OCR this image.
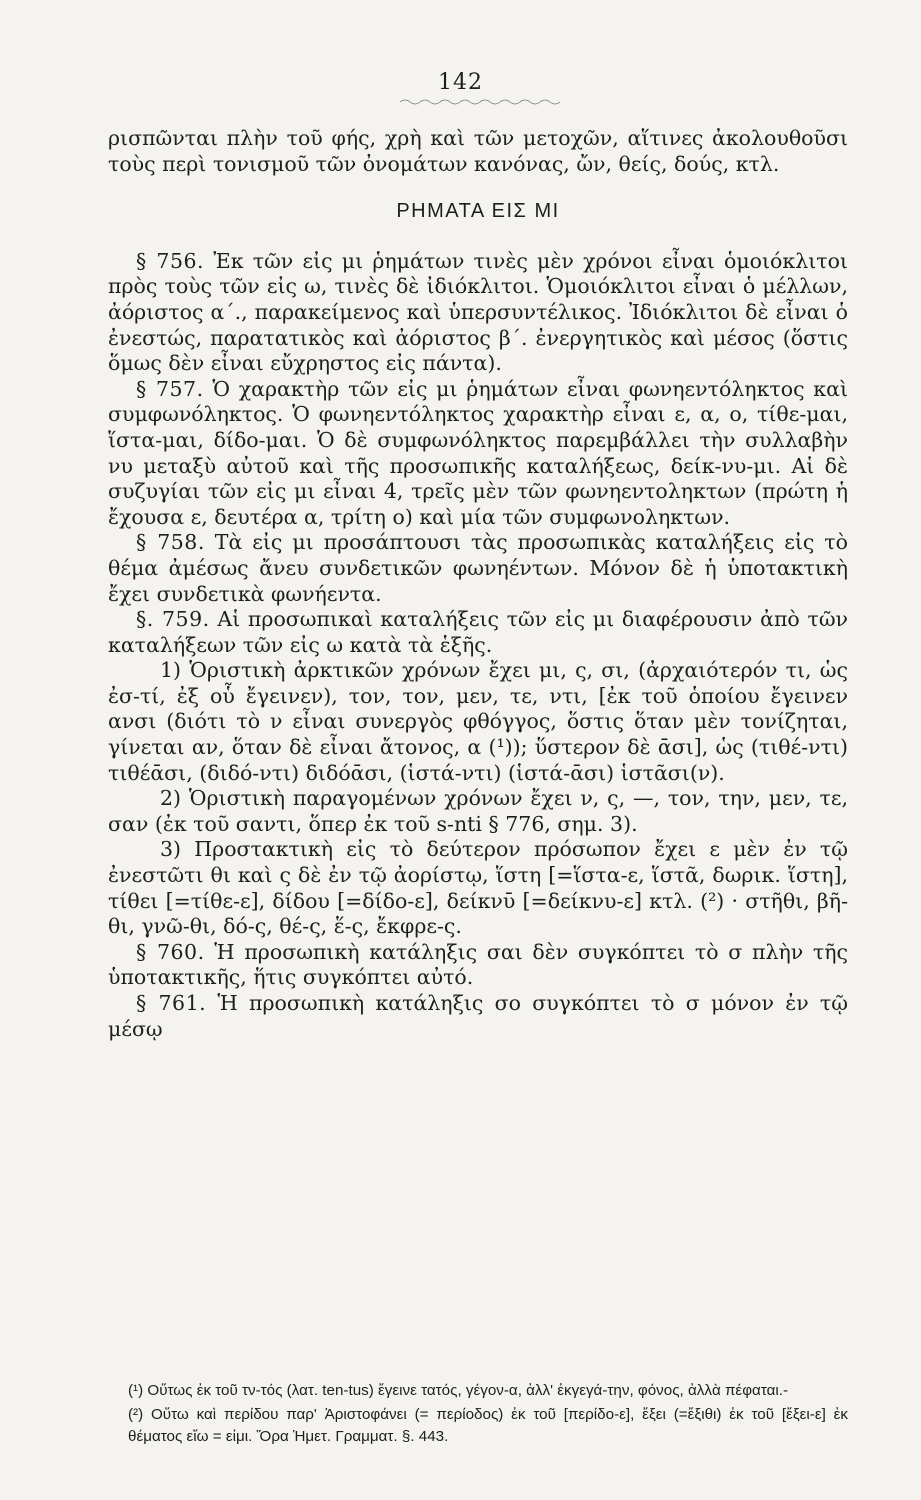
142

ρισπῶνται πλὴν τοῦ φής, χρὴ καὶ τῶν μετοχῶν, αἵτινες ἀκολουθοῦσι τοὺς περὶ τονισμοῦ τῶν ὀνομάτων κανόνας, ὤν, θείς, δούς, κτλ.

ΡΗΜΑΤΑ ΕΙΣ ΜΙ

§ 756. Ἐκ τῶν εἰς μι ῥημάτων τινὲς μὲν χρόνοι εἶναι ὁμοιόκλιτοι πρὸς τοὺς τῶν εἰς ω, τινὲς δὲ ἰδιόκλιτοι. Ὁμοιόκλιτοι εἶναι ὁ μέλλων, ἀόριστος α΄., παρακείμενος καὶ ὑπερσυντέλικος. Ἰδιόκλιτοι δὲ εἶναι ὁ ἐνεστώς, παρατατικὸς καὶ ἀόριστος β΄. ἐνεργητικὸς καὶ μέσος (ὅστις ὅμως δὲν εἶναι εὔχρηστος εἰς πάντα).

§ 757. Ὁ χαρακτὴρ τῶν εἰς μι ῥημάτων εἶναι φωνηεντόληκτος καὶ συμφωνόληκτος. Ὁ φωνηεντόληκτος χαρακτὴρ εἶναι ε, α, ο, τίθε-μαι, ἵστα-μαι, δίδο-μαι. Ὁ δὲ συμφωνόληκτος παρεμβάλλει τὴν συλλαβὴν νυ μεταξὺ αὐτοῦ καὶ τῆς προσωπικῆς καταλήξεως, δείκ-νυ-μι. Αἱ δὲ συζυγίαι τῶν εἰς μι εἶναι 4, τρεῖς μὲν τῶν φωνηεντοληκτων (πρώτη ἡ ἔχουσα ε, δευτέρα α, τρίτη ο) καὶ μία τῶν συμφωνοληκτων.

§ 758. Τὰ εἰς μι προσάπτουσι τὰς προσωπικὰς καταλήξεις εἰς τὸ θέμα ἀμέσως ἄνευ συνδετικῶν φωνηέντων. Μόνον δὲ ἡ ὑποτακτικὴ ἔχει συνδετικὰ φωνήεντα.

§. 759. Αἱ προσωπικαὶ καταλήξεις τῶν εἰς μι διαφέρουσιν ἀπὸ τῶν καταλήξεων τῶν εἰς ω κατὰ τὰ ἑξῆς.

1) Ὁριστικὴ ἀρκτικῶν χρόνων ἔχει μι, ς, σι, (ἀρχαιότερόν τι, ὡς ἐσ-τί, ἐξ οὗ ἔγεινεν), τον, τον, μεν, τε, ντι, [ἐκ τοῦ ὁποίου ἔγεινεν ανσι (διότι τὸ ν εἶναι συνεργὸς φθόγγος, ὅστις ὅταν μὲν τονίζηται, γίνεται αν, ὅταν δὲ εἶναι ἄτονος, α (¹)); ὕστερον δὲ ᾱσι], ὡς (τιθέ-ντι) τιθέᾱσι, (διδό-ντι) διδόᾱσι, (ἱστά-ντι) (ἱστά-ᾱσι) ἱστᾶσι(ν).

2) Ὁριστικὴ παραγομένων χρόνων ἔχει ν, ς, —, τον, την, μεν, τε, σαν (ἐκ τοῦ σαντι, ὅπερ ἐκ τοῦ s-nti § 776, σημ. 3).

3) Προστακτικὴ εἰς τὸ δεύτερον πρόσωπον ἔχει ε μὲν ἐν τῷ ἐνεστῶτι θι καὶ ς δὲ ἐν τῷ ἀορίστῳ, ἵστη [=ἵστα-ε, ἵστᾶ, δωρικ. ἵστη], τίθει [=τίθε-ε], δίδου [=δίδο-ε], δείκνῡ [=δείκνυ-ε] κτλ. (²) · στῆθι, βῆ-θι, γνῶ-θι, δό-ς, θέ-ς, ἕ-ς, ἔκφρε-ς.

§ 760. Ἡ προσωπικὴ κατάληξις σαι δὲν συγκόπτει τὸ σ πλὴν τῆς ὑποτακτικῆς, ἥτις συγκόπτει αὐτό.

§ 761. Ἡ προσωπικὴ κατάληξις σο συγκόπτει τὸ σ μόνον ἐν τῷ μέσῳ

(¹) Οὕτως ἐκ τοῦ τν-τός (λατ. ten-tus) ἔγεινε τατός, γέγον-α, ἀλλ' ἐκγεγά-την, φόνος, ἀλλὰ πέφαται.-

(²) Οὕτω καὶ περίδου παρ' Ἀριστοφάνει (= περίοδος) ἐκ τοῦ [περίδο-ε], ἔξει (=ἔξιθι) ἐκ τοῦ [ἔξει-ε] ἐκ θέματος εἴω = εἰμι. Ὅρα Ἡμετ. Γραμματ. §. 443.
